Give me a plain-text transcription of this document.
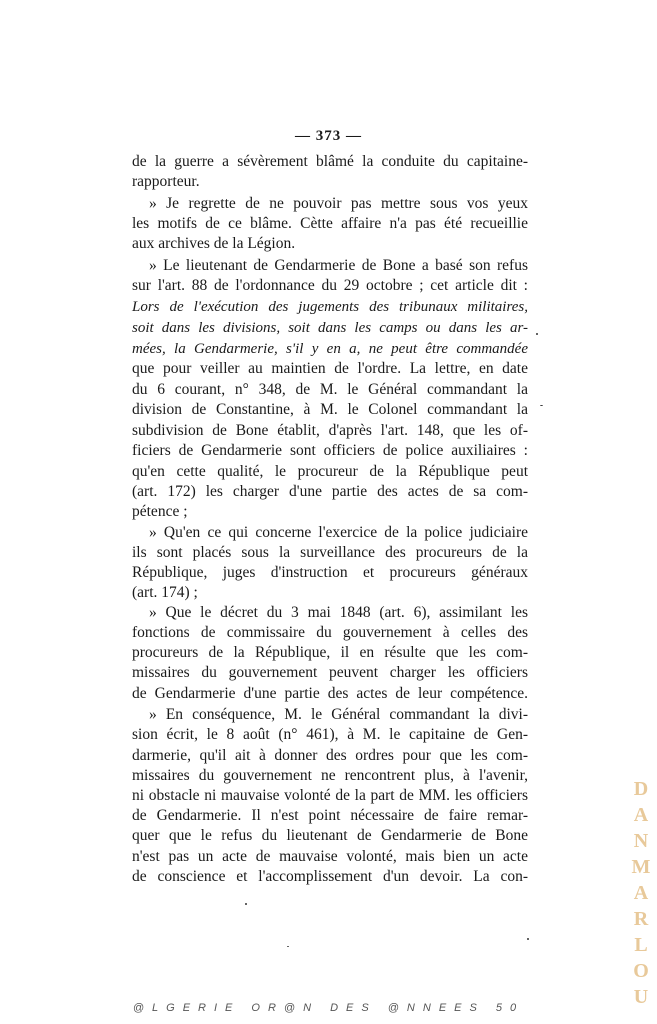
— 373 —
de la guerre a sévèrement blâmé la conduite du capitaine-
rapporteur.
» Je regrette de ne pouvoir pas mettre sous vos yeux
les motifs de ce blâme. Cètte affaire n'a pas été recueillie
aux archives de la Légion.
» Le lieutenant de Gendarmerie de Bone a basé son refus
sur l'art. 88 de l'ordonnance du 29 octobre ; cet article dit :
Lors de l'exécution des jugements des tribunaux militaires,
soit dans les divisions, soit dans les camps ou dans les ar-
mées, la Gendarmerie, s'il y en a, ne peut être commandée
que pour veiller au maintien de l'ordre. La lettre, en date
du 6 courant, n° 348, de M. le Général commandant la
division de Constantine, à M. le Colonel commandant la
subdivision de Bone établit, d'après l'art. 148, que les of-
ficiers de Gendarmerie sont officiers de police auxiliaires :
qu'en cette qualité, le procureur de la République peut
(art. 172) les charger d'une partie des actes de sa com-
pétence ;
» Qu'en ce qui concerne l'exercice de la police judiciaire
ils sont placés sous la surveillance des procureurs de la
République, juges d'instruction et procureurs généraux
(art. 174) ;
» Que le décret du 3 mai 1848 (art. 6), assimilant les
fonctions de commissaire du gouvernement à celles des
procureurs de la République, il en résulte que les com-
missaires du gouvernement peuvent charger les officiers
de Gendarmerie d'une partie des actes de leur compétence.
» En conséquence, M. le Général commandant la divi-
sion écrit, le 8 août (n° 461), à M. le capitaine de Gen-
darmerie, qu'il ait à donner des ordres pour que les com-
missaires du gouvernement ne rencontrent plus, à l'avenir,
ni obstacle ni mauvaise volonté de la part de MM. les officiers
de Gendarmerie. Il n'est point nécessaire de faire remar-
quer que le refus du lieutenant de Gendarmerie de Bone
n'est pas un acte de mauvaise volonté, mais bien un acte
de conscience et l'accomplissement d'un devoir. La con-
DANMARLOU
@LGERIE OR@N DES @NNEES 50
